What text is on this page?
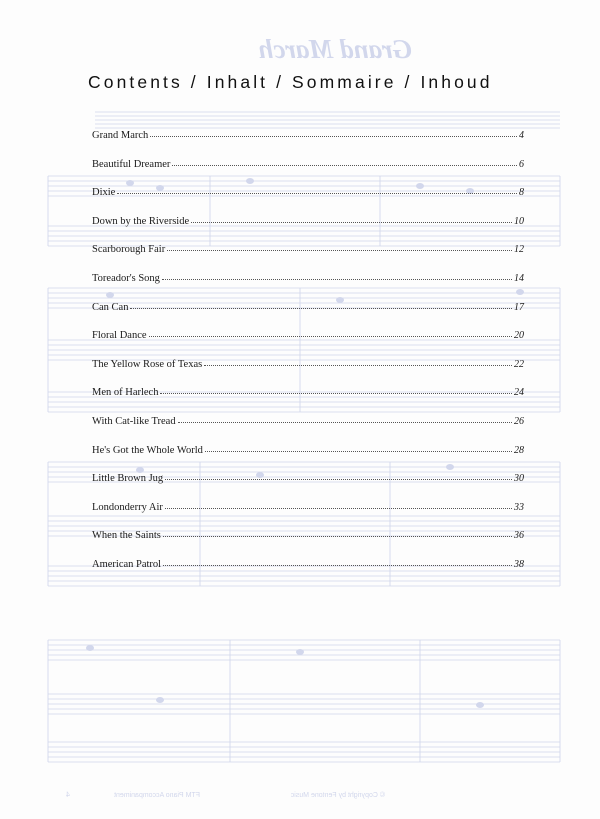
Grand March
FTM Piano Accompaniment	© Copyright by Fentone Music
4
Contents / Inhalt / Sommaire / Inhoud
Grand March	4
Beautiful Dreamer	6
Dixie	8
Down by the Riverside	10
Scarborough Fair	12
Toreador's Song	14
Can Can	17
Floral Dance	20
The Yellow Rose of Texas	22
Men of Harlech	24
With Cat-like Tread	26
He's Got the Whole World	28
Little Brown Jug	30
Londonderry Air	33
When the Saints	36
American Patrol	38
